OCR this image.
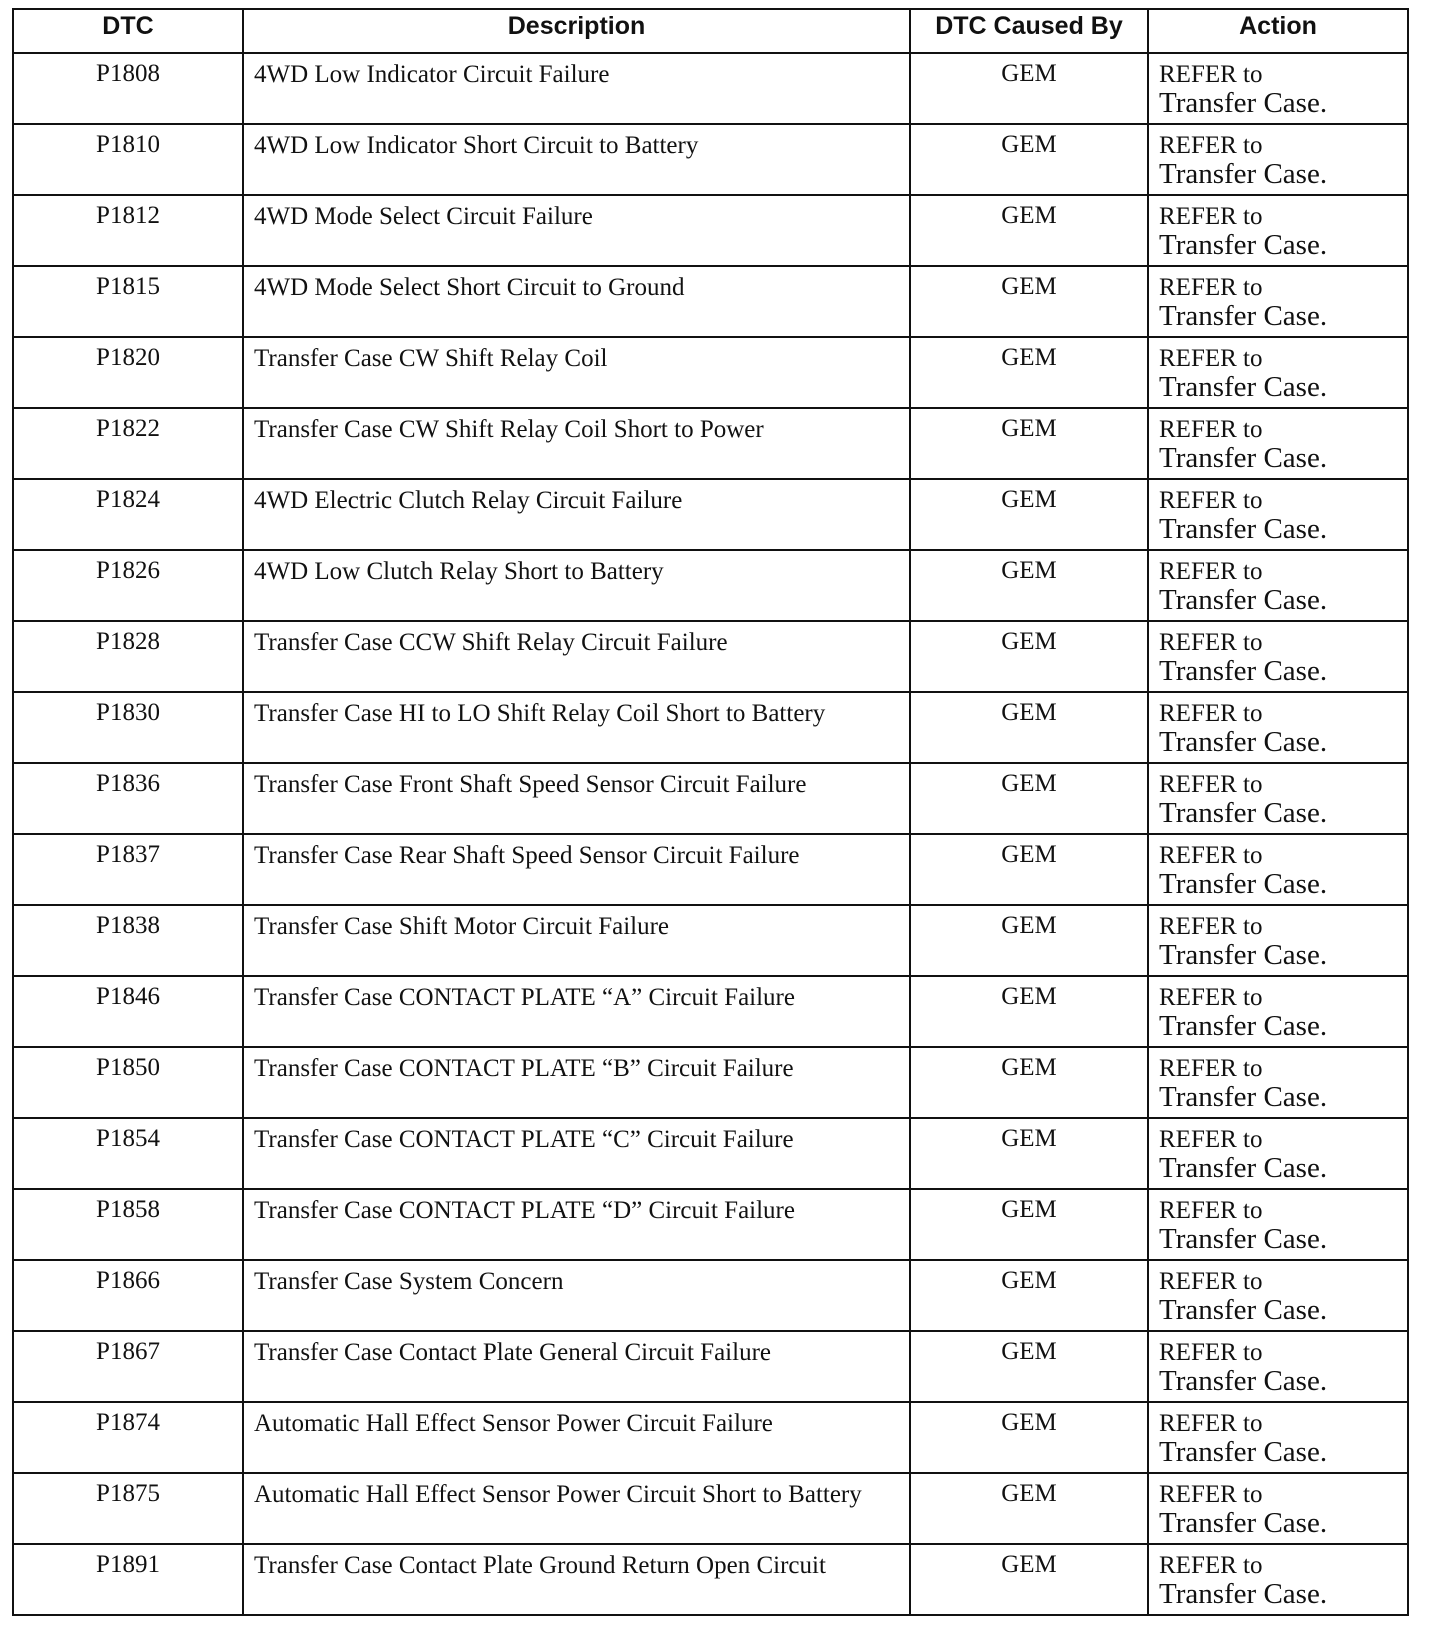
DTC	Description	DTC Caused By	Action
P1808	4WD Low Indicator Circuit Failure	GEM	REFER to
Transfer Case.

P1810	4WD Low Indicator Short Circuit to Battery	GEM	REFER to
Transfer Case.

P1812	4WD Mode Select Circuit Failure	GEM	REFER to
Transfer Case.

P1815	4WD Mode Select Short Circuit to Ground	GEM	REFER to
Transfer Case.

P1820	Transfer Case CW Shift Relay Coil	GEM	REFER to
Transfer Case.

P1822	Transfer Case CW Shift Relay Coil Short to Power	GEM	REFER to
Transfer Case.

P1824	4WD Electric Clutch Relay Circuit Failure	GEM	REFER to
Transfer Case.

P1826	4WD Low Clutch Relay Short to Battery	GEM	REFER to
Transfer Case.

P1828	Transfer Case CCW Shift Relay Circuit Failure	GEM	REFER to
Transfer Case.

P1830	Transfer Case HI to LO Shift Relay Coil Short to Battery	GEM	REFER to
Transfer Case.

P1836	Transfer Case Front Shaft Speed Sensor Circuit Failure	GEM	REFER to
Transfer Case.

P1837	Transfer Case Rear Shaft Speed Sensor Circuit Failure	GEM	REFER to
Transfer Case.

P1838	Transfer Case Shift Motor Circuit Failure	GEM	REFER to
Transfer Case.

P1846	Transfer Case CONTACT PLATE “A” Circuit Failure	GEM	REFER to
Transfer Case.

P1850	Transfer Case CONTACT PLATE “B” Circuit Failure	GEM	REFER to
Transfer Case.

P1854	Transfer Case CONTACT PLATE “C” Circuit Failure	GEM	REFER to
Transfer Case.

P1858	Transfer Case CONTACT PLATE “D” Circuit Failure	GEM	REFER to
Transfer Case.

P1866	Transfer Case System Concern	GEM	REFER to
Transfer Case.

P1867	Transfer Case Contact Plate General Circuit Failure	GEM	REFER to
Transfer Case.

P1874	Automatic Hall Effect Sensor Power Circuit Failure	GEM	REFER to
Transfer Case.

P1875	Automatic Hall Effect Sensor Power Circuit Short to Battery	GEM	REFER to
Transfer Case.

P1891	Transfer Case Contact Plate Ground Return Open Circuit	GEM	REFER to
Transfer Case.
